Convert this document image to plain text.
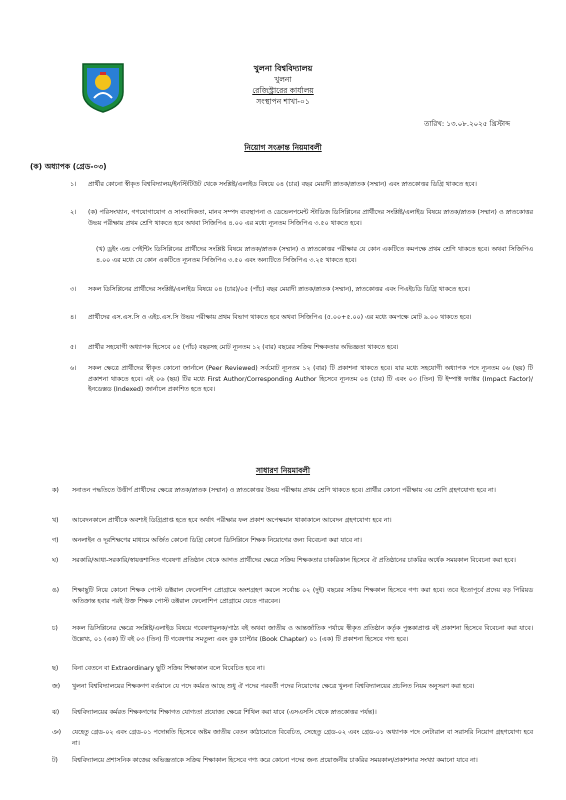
খুলনা বিশ্ববিদ্যালয়
খুলনা
রেজিস্ট্রারের কার্যালয়
সংস্থাপন শাখা-০১
তারিখ: ১৩.০৮.২০২৫ খ্রিস্টাব্দ
নিয়োগ সংক্রান্ত নিয়মাবলী
(ক) অধ্যাপক (গ্রেড-০৩)
১। প্রার্থীর কোনো স্বীকৃত বিশ্ববিদ্যালয়/ইনস্টিটিউট থেকে সংশ্লিষ্ট/এলাইড বিষয়ে ০৪ (চার) বছর মেয়াদী স্নাতক/স্নাতক (সম্মান) এবং স্নাতকোত্তর ডিগ্রি থাকতে হবে।
২। (ক) পরিসংখ্যান, গণযোগাযোগ ও সাংবাদিকতা, মানব সম্পদ ব্যবস্থাপনা ও ডেভেলপমেন্ট স্টাডিজ ডিসিপ্লিনের প্রার্থীদের সংশ্লিষ্ট/এলাইড বিষয়ে স্নাতক/স্নাতক (সম্মান) ও স্নাতকোত্তর উভয় পরীক্ষায় প্রথম শ্রেণি থাকতে হবে অথবা সিজিপিএ ৪.০০ এর মধ্যে ন্যূনতম সিজিপিএ ৩.৫০ থাকতে হবে।
(খ) ড্রইং এন্ড পেইন্টিং ডিসিপ্লিনের প্রার্থীদের সংশ্লিষ্ট বিষয়ে স্নাতক/স্নাতক (সম্মান) ও স্নাতকোত্তর পরীক্ষার যে কোন একটিতে কমপক্ষে প্রথম শ্রেণি থাকতে হবে। অথবা সিজিপিএ ৪.০০ এর মধ্যে যে কোন একটিতে ন্যূনতম সিজিপিএ ৩.৫০ এবং অন্যটিতে সিজিপিএ ৩.২৫ থাকতে হবে।
৩। সকল ডিসিপ্লিনের প্রার্থীদের সংশ্লিষ্ট/এলাইড বিষয়ে ০৪ (চার)/০৫ (পাঁচ) বছর মেয়াদী স্নাতক/স্নাতক (সম্মান), স্নাতকোত্তর এবং পিএইচডি ডিগ্রি থাকতে হবে।
৪। প্রার্থীদের এস.এস.সি ও এইচ.এস.সি উভয় পরীক্ষায় প্রথম বিভাগ থাকতে হবে অথবা সিজিপিএ (৫.০০+৫.০০) এর মধ্যে কমপক্ষে মোট ৯.০০ থাকতে হবে।
৫। প্রার্থীর সহযোগী অধ্যাপক হিসেবে ০৫ (পাঁচ) বছরসহ মোট ন্যূনতম ১২ (বার) বছরের সক্রিয় শিক্ষকতার অভিজ্ঞতা থাকতে হবে।
৬। সকল ক্ষেত্রে প্রার্থীদের স্বীকৃত কোনো জার্নালে (Peer Reviewed) সর্বমোট ন্যূনতম ১২ (বার) টি প্রকাশনা থাকতে হবে। যার মধ্যে সহযোগী অধ্যাপক পদে ন্যূনতম ০৬ (ছয়) টি প্রকাশনা থাকতে হবে। এই ০৬ (ছয়) টির মধ্যে First Author/Corresponding Author হিসেবে ন্যূনতম ০৪ (চার) টি এবং ০৩ (তিন) টি ইম্পাক্ট ফ্যাক্টর (Impact Factor)/ইনডেক্সড (Indexed) জার্নালে প্রকাশিত হতে হবে।
সাধারণ নিয়মাবলী
ক) সনাতন পদ্ধতিতে উত্তীর্ণ প্রার্থীদের ক্ষেত্রে স্নাতক/স্নাতক (সম্মান) ও স্নাতকোত্তর উভয় পরীক্ষায় প্রথম শ্রেণি থাকতে হবে। প্রার্থীর কোনো পরীক্ষায় ৩য় শ্রেণি গ্রহণযোগ্য হবে না।
খ) আবেদনকালে প্রার্থীকে অবশ্যই ডিগ্রিপ্রাপ্ত হতে হবে অর্থাৎ পরীক্ষার ফল প্রকাশ অপেক্ষমান থাকাকালে আবেদন গ্রহণযোগ্য হবে না।
গ) অনলাইন ও দূরশিক্ষণের মাধ্যমে অর্জিত কোনো ডিগ্রি কোনো ডিসিপ্লিনে শিক্ষক নিয়োগের জন্য বিবেচনা করা যাবে না।
ঘ) সরকারি/আধা-সরকারি/স্বায়ত্তশাসিত গবেষণা প্রতিষ্ঠান থেকে আগত প্রার্থীদের ক্ষেত্রে সক্রিয় শিক্ষকতার চাকরিকাল হিসেবে ঐ প্রতিষ্ঠানের চাকরির অর্ধেক সময়কাল বিবেচনা করা হবে।
ঙ) শিক্ষাছুটি নিয়ে কোনো শিক্ষক পোস্ট ডক্টরাল ফেলোশিপ প্রোগ্রামে অংশগ্রহণ করলে সর্বোচ্চ ০২ (দুই) বছরের সক্রিয় শিক্ষকাল হিসেবে গণ্য করা হবে। তবে ইতোপূর্বে প্রদেয় বড় পিরিয়ড অতিক্রান্ত হবার পরই উক্ত শিক্ষক পোস্ট ডক্টরাল ফেলোশিপ প্রোগ্রামে যেতে পারবেন।
চ) সকল ডিসিপ্লিনের ক্ষেত্রে সংশ্লিষ্ট/এলাইড বিষয়ে গবেষণামূলক/পাঠ্য বই অথবা জাতীয় ও আন্তর্জাতিক পর্যায়ে স্বীকৃত প্রতিষ্ঠান কর্তৃক পুস্তকাপ্রাপ্ত বই প্রকাশনা হিসেবে বিবেচনা করা যাবে। উল্লেখ্য, ০১ (এক) টি বই ০৩ (তিন) টি গবেষণার সমতুল্য এবং বুক চ্যাপ্টার (Book Chapter) ০১ (এক) টি প্রকাশনা হিসেবে গণ্য হবে।
ছ) বিনা বেতনে বা Extraordinary ছুটি সক্রিয় শিক্ষাকাল বলে বিবেচিত হবে না।
জ) খুলনা বিশ্ববিদ্যালয়ের শিক্ষকগণ বর্তমানে যে পদে কর্মরত আছে শুধু ঐ পদের পরবর্তী পদের নিয়োগের ক্ষেত্রে খুলনা বিশ্ববিদ্যালয়ের প্রচলিত নিয়ম অনুসরণ করা হবে।
ঝ) বিশ্ববিদ্যালয়ের কর্মরত শিক্ষকগণের শিক্ষাগত যোগ্যতা প্রযোজ্য ক্ষেত্রে শিথিল করা যাবে (এসএসসি থেকে স্নাতকোত্তর পর্যন্ত)।
ঞ) যেহেতু গ্রেড-০২ এবং গ্রেড-০১ পদোন্নতি হিসেবে অষ্টম জাতীয় বেতন কাঠামোতে বিবেচিত, সেহেতু গ্রেড-০২ এবং গ্রেড-০১ অধ্যাপক পদে লেটারাল বা সরাসরি নিয়োগ গ্রহণযোগ্য হবে না।
ট) বিশ্ববিদ্যালয়ে প্রশাসনিক কাজের অভিজ্ঞতাকে সক্রিয় শিক্ষাকাল হিসেবে গণ্য করে কোনো পদের জন্য প্রয়োজনীয় চাকরির সময়কাল/প্রকাশনার সংখ্যা কমানো যাবে না।
